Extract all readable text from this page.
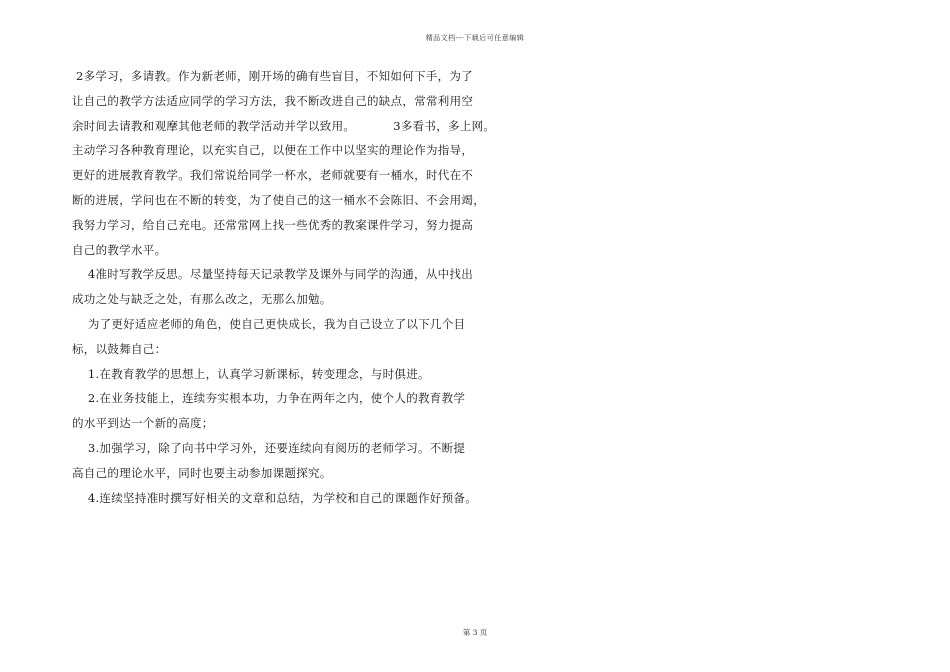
精品文档---下载后可任意编辑
2多学习，多请教。作为新老师，刚开场的确有些盲目，不知如何下手，为了
让自己的教学方法适应同学的学习方法，我不断改进自己的缺点，常常利用空
余时间去请教和观摩其他老师的教学活动并学以致用。	3多看书，多上网。
主动学习各种教育理论，以充实自己，以便在工作中以坚实的理论作为指导，
更好的进展教育教学。我们常说给同学一杯水，老师就要有一桶水，时代在不
断的进展，学问也在不断的转变，为了使自己的这一桶水不会陈旧、不会用竭，
我努力学习，给自己充电。还常常网上找一些优秀的教案课件学习，努力提高
自己的教学水平。
4准时写教学反思。尽量坚持每天记录教学及课外与同学的沟通，从中找出
成功之处与缺乏之处，有那么改之，无那么加勉。
为了更好适应老师的角色，使自己更快成长，我为自己设立了以下几个目
标，以鼓舞自己：
1.在教育教学的思想上，认真学习新课标，转变理念，与时俱进。
2.在业务技能上，连续夯实根本功，力争在两年之内，使个人的教育教学
的水平到达一个新的高度；
3.加强学习，除了向书中学习外，还要连续向有阅历的老师学习。不断提
高自己的理论水平，同时也要主动参加课题探究。
4.连续坚持准时撰写好相关的文章和总结，为学校和自己的课题作好预备。
第 3 页
